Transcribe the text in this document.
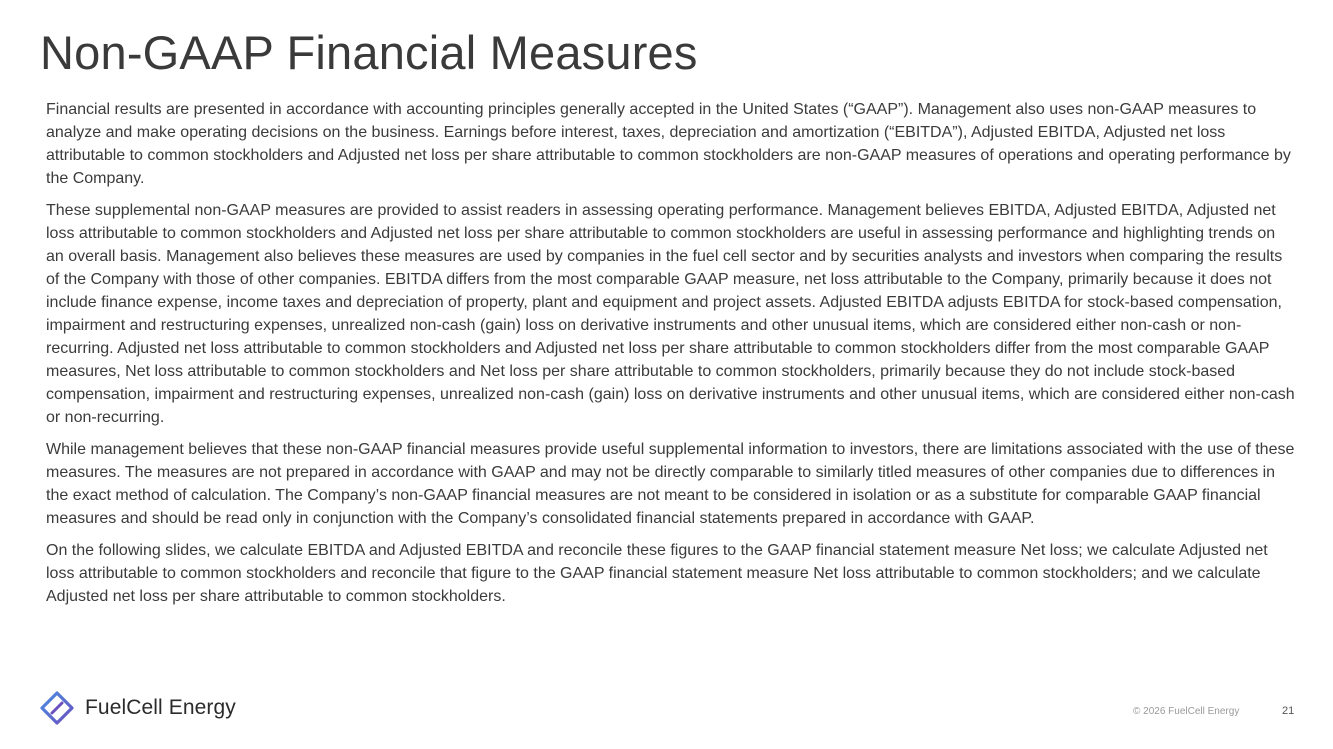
Non-GAAP Financial Measures

Financial results are presented in accordance with accounting principles generally accepted in the United States (“GAAP”). Management also uses non-GAAP measures to analyze and make operating decisions on the business. Earnings before interest, taxes, depreciation and amortization (“EBITDA”), Adjusted EBITDA, Adjusted net loss attributable to common stockholders and Adjusted net loss per share attributable to common stockholders are non-GAAP measures of operations and operating performance by the Company.

These supplemental non-GAAP measures are provided to assist readers in assessing operating performance. Management believes EBITDA, Adjusted EBITDA, Adjusted net loss attributable to common stockholders and Adjusted net loss per share attributable to common stockholders are useful in assessing performance and highlighting trends on an overall basis. Management also believes these measures are used by companies in the fuel cell sector and by securities analysts and investors when comparing the results of the Company with those of other companies. EBITDA differs from the most comparable GAAP measure, net loss attributable to the Company, primarily because it does not include finance expense, income taxes and depreciation of property, plant and equipment and project assets. Adjusted EBITDA adjusts EBITDA for stock-based compensation, impairment and restructuring expenses, unrealized non-cash (gain) loss on derivative instruments and other unusual items, which are considered either non-cash or non-recurring. Adjusted net loss attributable to common stockholders and Adjusted net loss per share attributable to common stockholders differ from the most comparable GAAP measures, Net loss attributable to common stockholders and Net loss per share attributable to common stockholders, primarily because they do not include stock-based compensation, impairment and restructuring expenses, unrealized non-cash (gain) loss on derivative instruments and other unusual items, which are considered either non-cash or non-recurring.

While management believes that these non-GAAP financial measures provide useful supplemental information to investors, there are limitations associated with the use of these measures. The measures are not prepared in accordance with GAAP and may not be directly comparable to similarly titled measures of other companies due to differences in the exact method of calculation. The Company’s non-GAAP financial measures are not meant to be considered in isolation or as a substitute for comparable GAAP financial measures and should be read only in conjunction with the Company’s consolidated financial statements prepared in accordance with GAAP.

On the following slides, we calculate EBITDA and Adjusted EBITDA and reconcile these figures to the GAAP financial statement measure Net loss; we calculate Adjusted net loss attributable to common stockholders and reconcile that figure to the GAAP financial statement measure Net loss attributable to common stockholders; and we calculate Adjusted net loss per share attributable to common stockholders.

FuelCell Energy	© 2026 FuelCell Energy	21
